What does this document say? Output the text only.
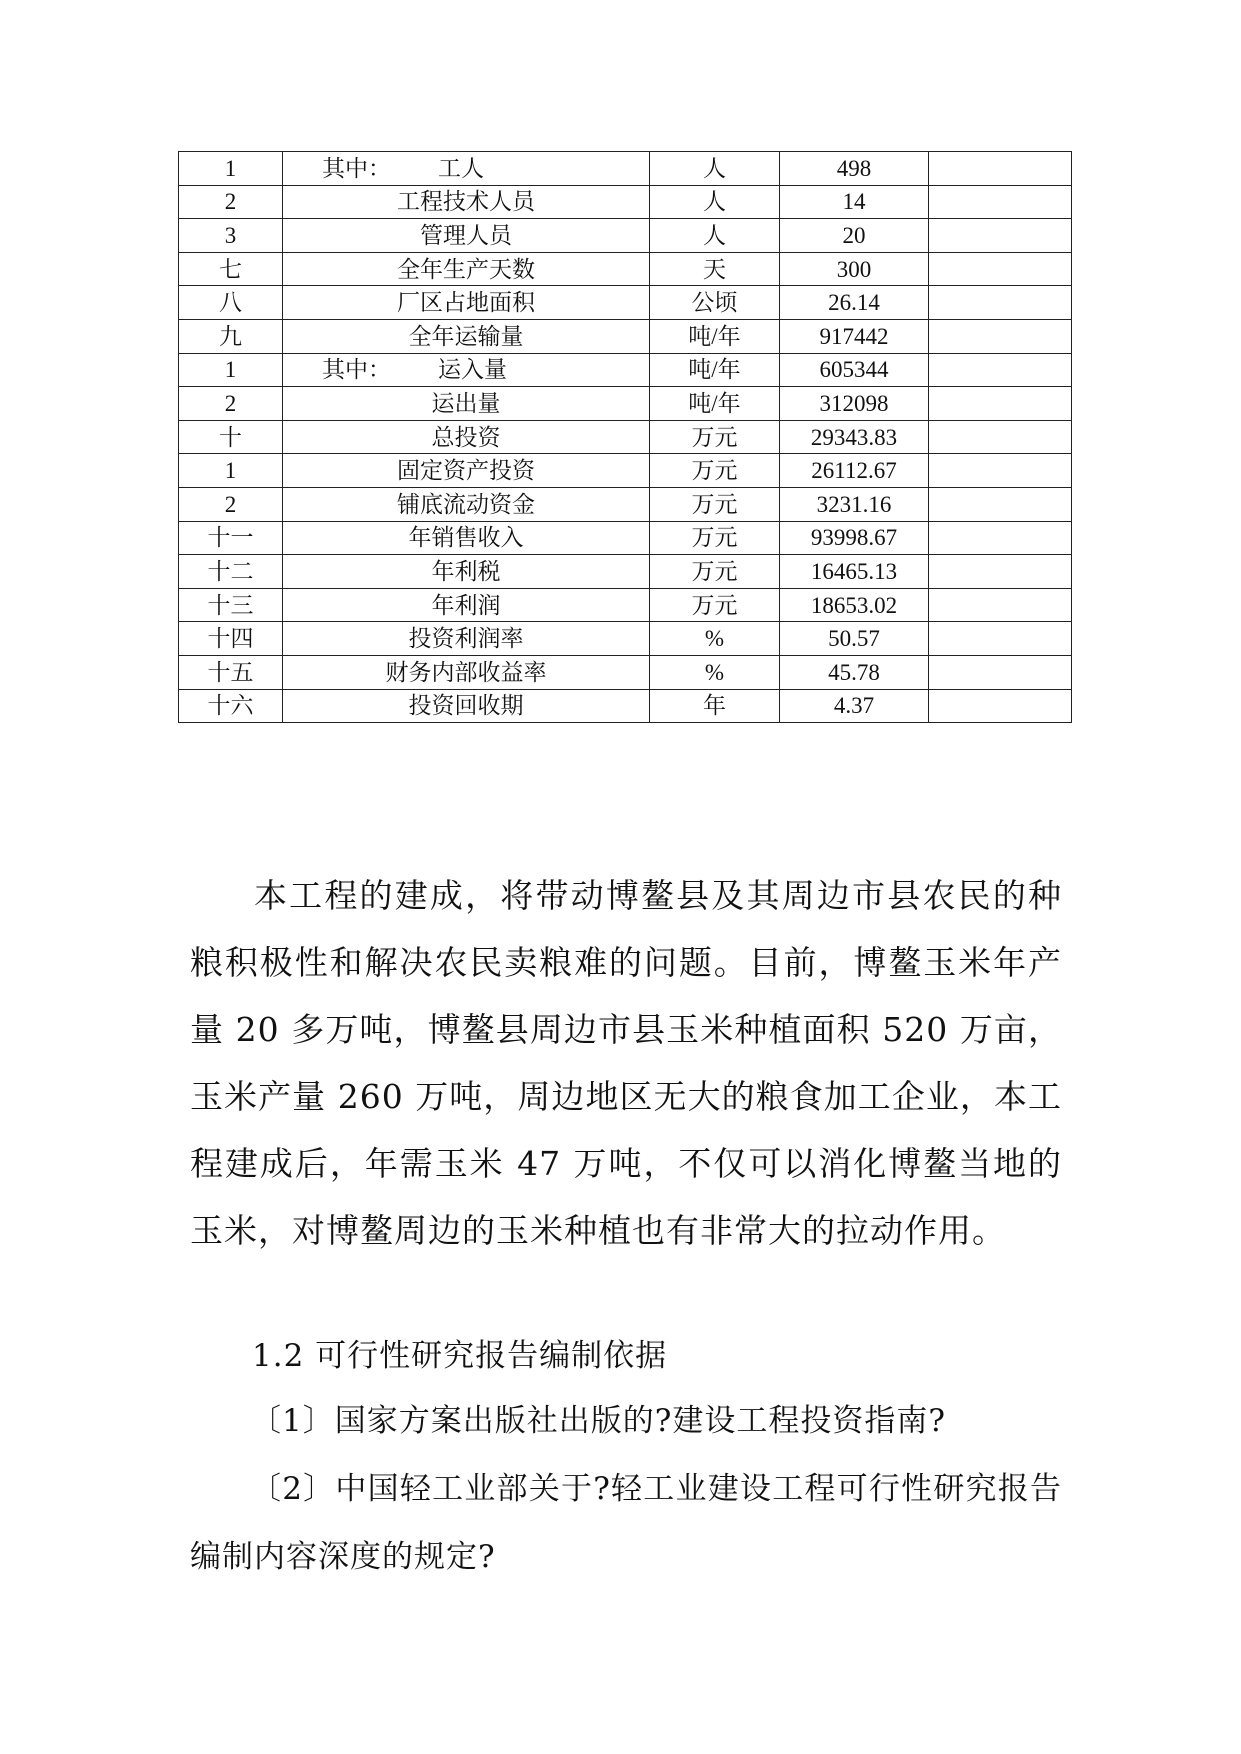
1	其中： 工人	人	498	
2	工程技术人员	人	14	
3	管理人员	人	20	
七	全年生产天数	天	300	
八	厂区占地面积	公顷	26.14	
九	全年运输量	吨/年	917442	
1	其中： 运入量	吨/年	605344	
2	运出量	吨/年	312098	
十	总投资	万元	29343.83	
1	固定资产投资	万元	26112.67	
2	铺底流动资金	万元	3231.16	
十一	年销售收入	万元	93998.67	
十二	年利税	万元	16465.13	
十三	年利润	万元	18653.02	
十四	投资利润率	%	50.57	
十五	财务内部收益率	%	45.78	
十六	投资回收期	年	4.37	

本工程的建成，将带动博鳌县及其周边市县农民的种粮积极性和解决农民卖粮难的问题。目前，博鳌玉米年产量 20 多万吨，博鳌县周边市县玉米种植面积 520 万亩，玉米产量 260 万吨，周边地区无大的粮食加工企业，本工程建成后，年需玉米 47 万吨，不仅可以消化博鳌当地的玉米，对博鳌周边的玉米种植也有非常大的拉动作用。

1.2 可行性研究报告编制依据

〔1〕国家方案出版社出版的?建设工程投资指南?

〔2〕中国轻工业部关于?轻工业建设工程可行性研究报告编制内容深度的规定?
